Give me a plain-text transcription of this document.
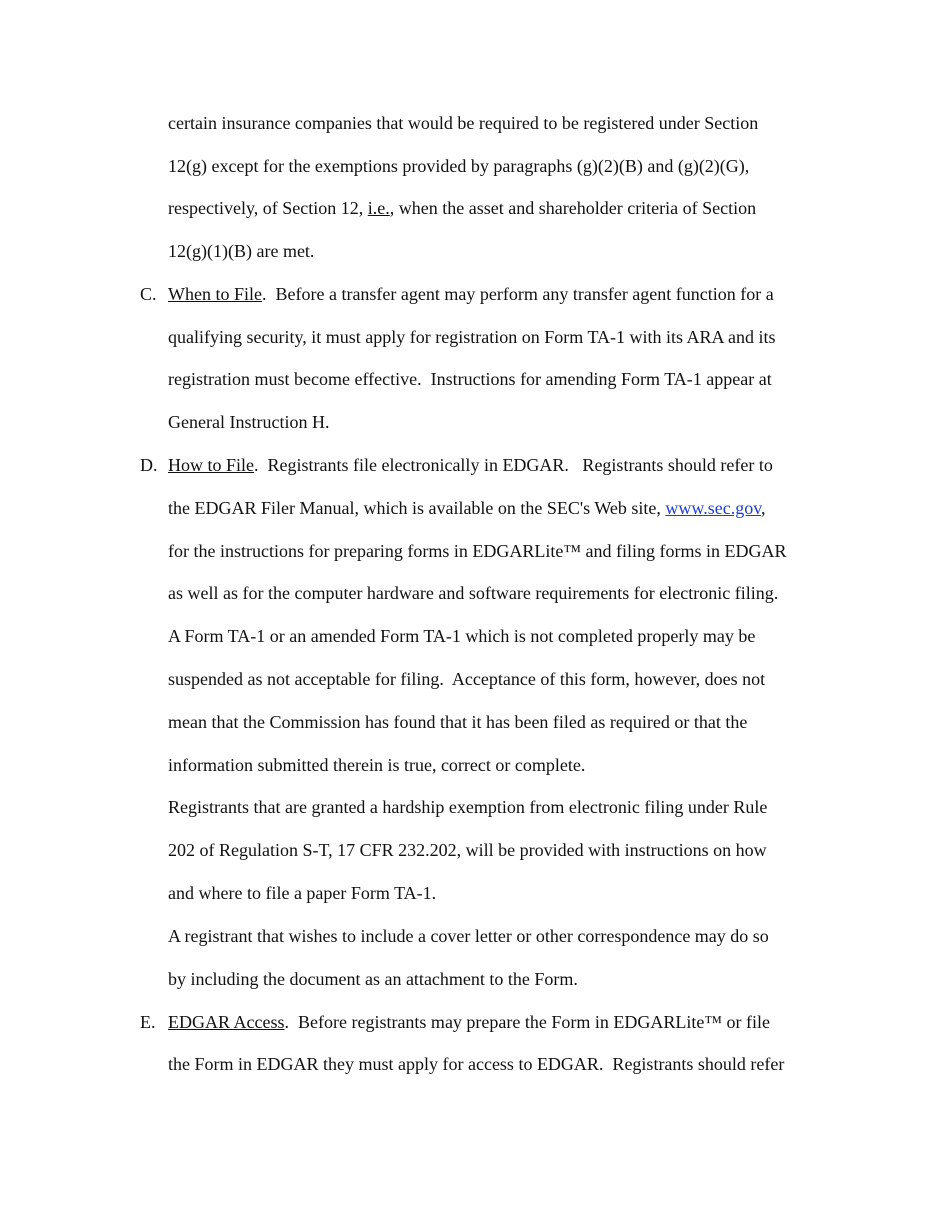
certain insurance companies that would be required to be registered under Section
12(g) except for the exemptions provided by paragraphs (g)(2)(B) and (g)(2)(G),
respectively, of Section 12, i.e., when the asset and shareholder criteria of Section
12(g)(1)(B) are met.
C. When to File.  Before a transfer agent may perform any transfer agent function for a
qualifying security, it must apply for registration on Form TA-1 with its ARA and its
registration must become effective.  Instructions for amending Form TA-1 appear at
General Instruction H.
D. How to File.  Registrants file electronically in EDGAR.   Registrants should refer to
the EDGAR Filer Manual, which is available on the SEC's Web site, www.sec.gov,
for the instructions for preparing forms in EDGARLite™ and filing forms in EDGAR
as well as for the computer hardware and software requirements for electronic filing.
A Form TA-1 or an amended Form TA-1 which is not completed properly may be
suspended as not acceptable for filing.  Acceptance of this form, however, does not
mean that the Commission has found that it has been filed as required or that the
information submitted therein is true, correct or complete.
Registrants that are granted a hardship exemption from electronic filing under Rule
202 of Regulation S-T, 17 CFR 232.202, will be provided with instructions on how
and where to file a paper Form TA-1.
A registrant that wishes to include a cover letter or other correspondence may do so
by including the document as an attachment to the Form.
E. EDGAR Access.  Before registrants may prepare the Form in EDGARLite™ or file
the Form in EDGAR they must apply for access to EDGAR.  Registrants should refer
